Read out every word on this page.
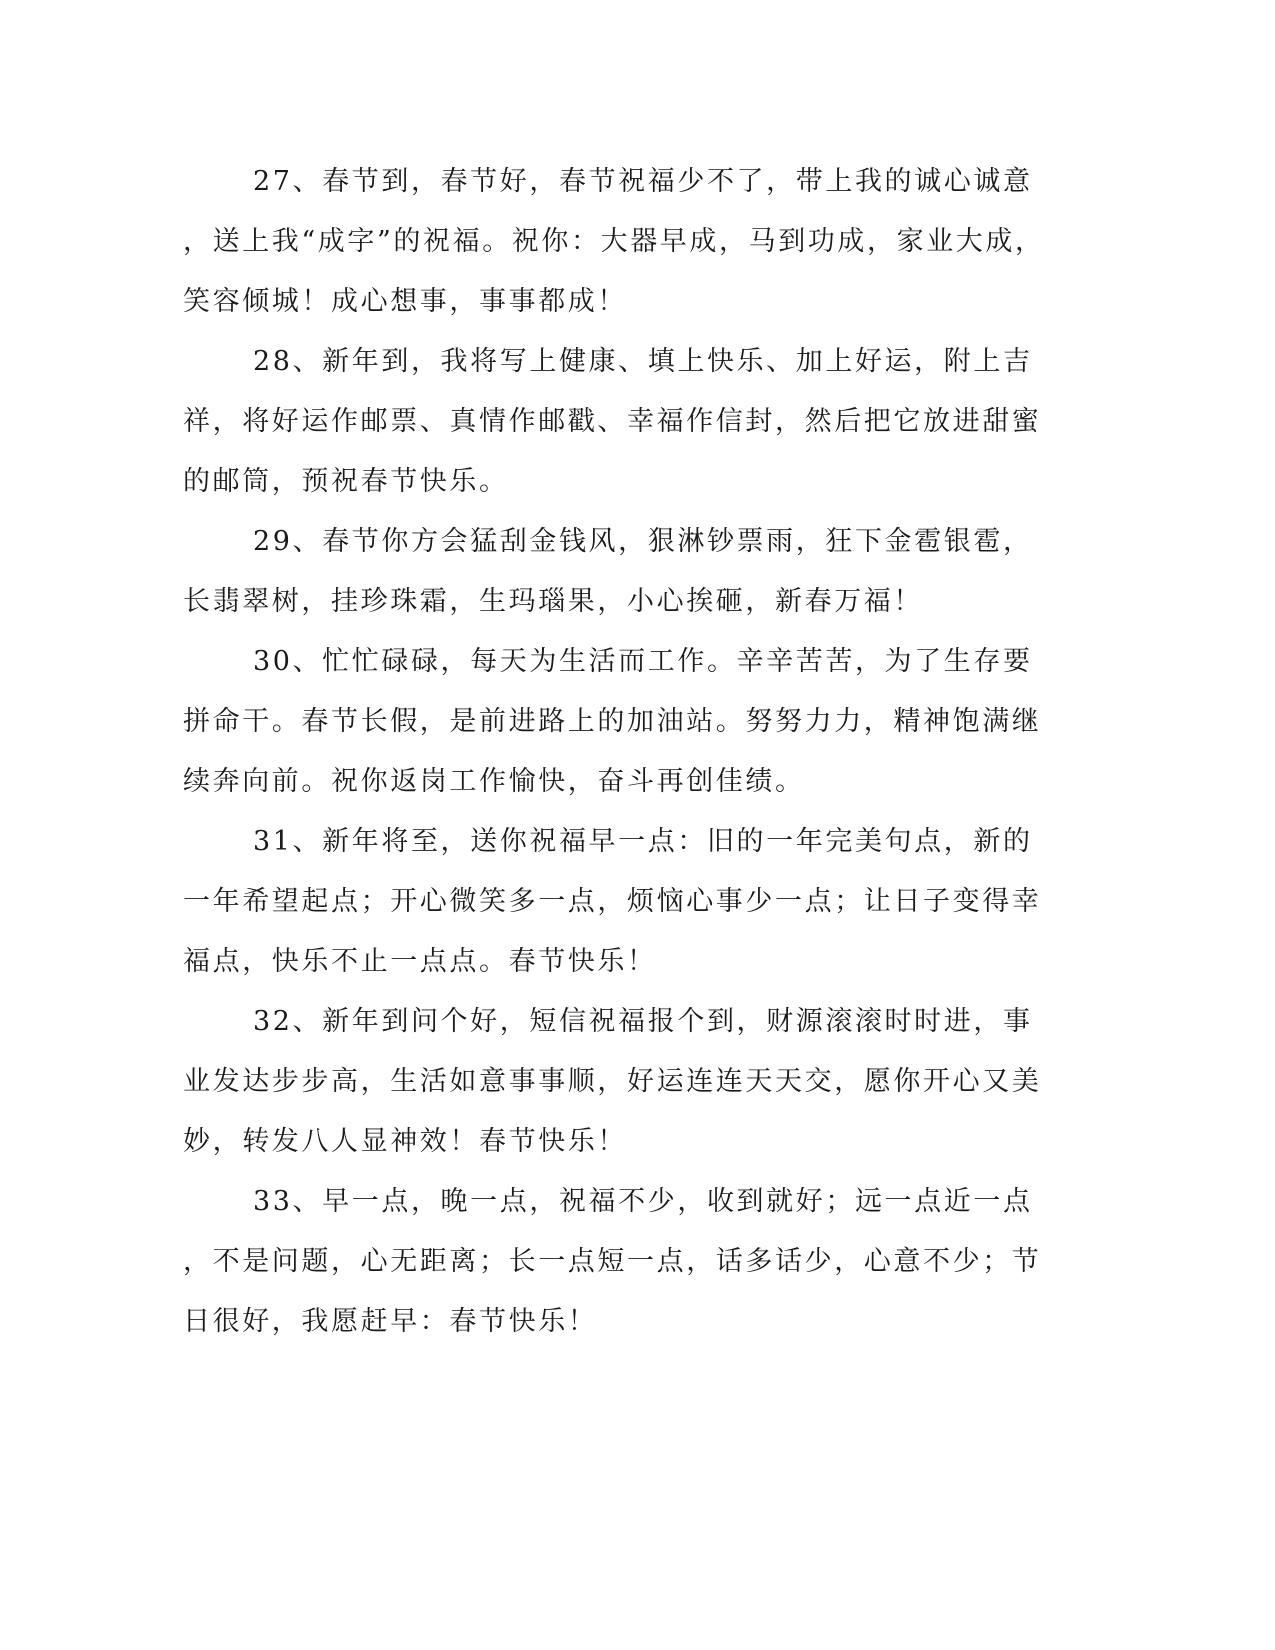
27、春节到，春节好，春节祝福少不了，带上我的诚心诚意，送上我“成字”的祝福。祝你：大器早成，马到功成，家业大成，笑容倾城！成心想事，事事都成！

28、新年到，我将写上健康、填上快乐、加上好运，附上吉祥，将好运作邮票、真情作邮戳、幸福作信封，然后把它放进甜蜜的邮筒，预祝春节快乐。

29、春节你方会猛刮金钱风，狠淋钞票雨，狂下金雹银雹，长翡翠树，挂珍珠霜，生玛瑙果，小心挨砸，新春万福！

30、忙忙碌碌，每天为生活而工作。辛辛苦苦，为了生存要拼命干。春节长假，是前进路上的加油站。努努力力，精神饱满继续奔向前。祝你返岗工作愉快，奋斗再创佳绩。

31、新年将至，送你祝福早一点：旧的一年完美句点，新的一年希望起点；开心微笑多一点，烦恼心事少一点；让日子变得幸福点，快乐不止一点点。春节快乐！

32、新年到问个好，短信祝福报个到，财源滚滚时时进，事业发达步步高，生活如意事事顺，好运连连天天交，愿你开心又美妙，转发八人显神效！春节快乐！

33、早一点，晚一点，祝福不少，收到就好；远一点近一点，不是问题，心无距离；长一点短一点，话多话少，心意不少；节日很好，我愿赶早：春节快乐！
